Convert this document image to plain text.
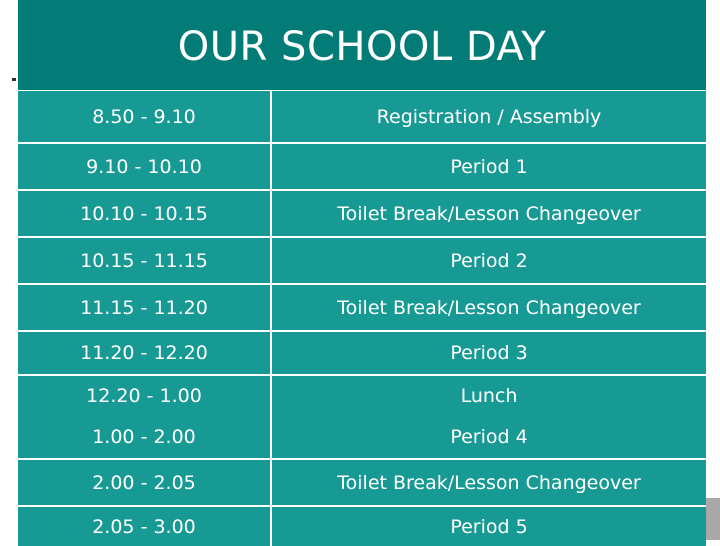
OUR SCHOOL DAY
8.50 - 9.10	Registration / Assembly
9.10 - 10.10	Period 1
10.10 - 10.15	Toilet Break/Lesson Changeover
10.15 - 11.15	Period 2
11.15 - 11.20	Toilet Break/Lesson Changeover
11.20 - 12.20	Period 3
12.20 - 1.00	Lunch
1.00 - 2.00	Period 4
2.00 - 2.05	Toilet Break/Lesson Changeover
2.05 - 3.00	Period 5
